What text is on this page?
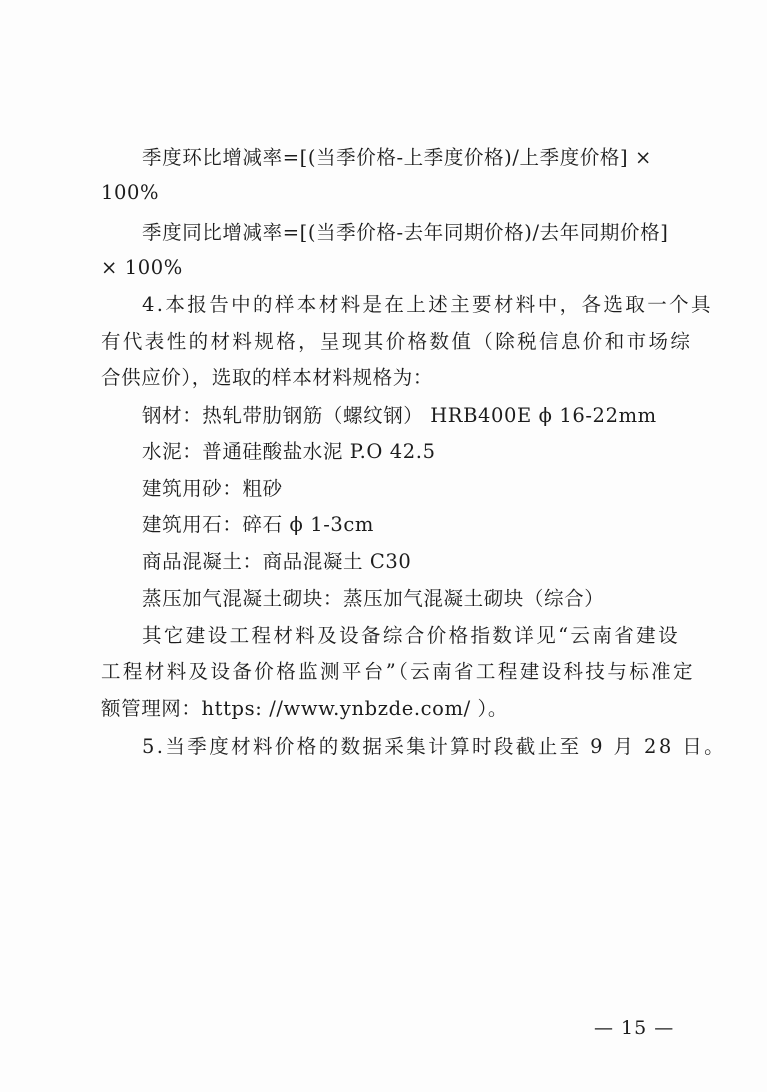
季度环比增减率=[(当季价格-上季度价格)/上季度价格] ×
100%
季度同比增减率=[(当季价格-去年同期价格)/去年同期价格]
× 100%
4.本报告中的样本材料是在上述主要材料中，各选取一个具
有代表性的材料规格，呈现其价格数值（除税信息价和市场综
合供应价），选取的样本材料规格为：
钢材：热轧带肋钢筋（螺纹钢） HRB400E ϕ 16-22mm
水泥：普通硅酸盐水泥 P.O 42.5
建筑用砂：粗砂
建筑用石：碎石 ϕ 1-3cm
商品混凝土：商品混凝土 C30
蒸压加气混凝土砌块：蒸压加气混凝土砌块（综合）
其它建设工程材料及设备综合价格指数详见“云南省建设
工程材料及设备价格监测平台”（云南省工程建设科技与标准定
额管理网：https: //www.ynbzde.com/ ）。
5.当季度材料价格的数据采集计算时段截止至 9 月 28 日。
— 15 —
